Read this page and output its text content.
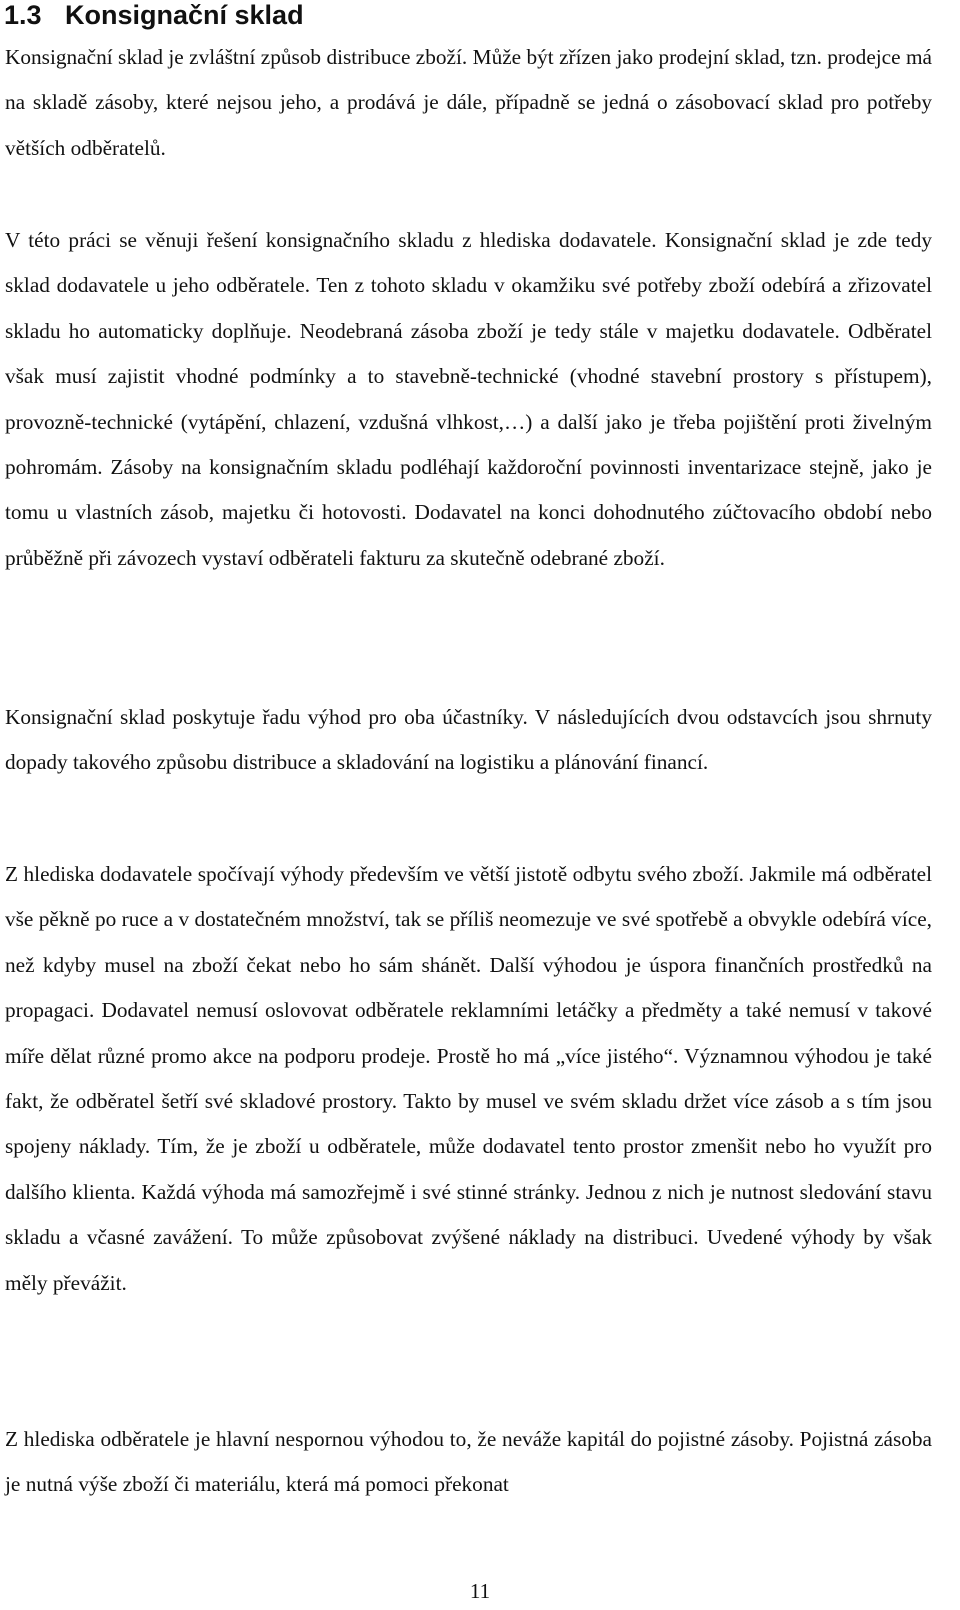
1.3 Konsignační sklad

Konsignační sklad je zvláštní způsob distribuce zboží. Může být zřízen jako prodejní sklad, tzn. prodejce má na skladě zásoby, které nejsou jeho, a prodává je dále, případně se jedná o zásobovací sklad pro potřeby větších odběratelů.

V této práci se věnuji řešení konsignačního skladu z hlediska dodavatele. Konsignační sklad je zde tedy sklad dodavatele u jeho odběratele. Ten z tohoto skladu v okamžiku své potřeby zboží odebírá a zřizovatel skladu ho automaticky doplňuje. Neodebraná zásoba zboží je tedy stále v majetku dodavatele. Odběratel však musí zajistit vhodné podmínky a to stavebně-technické (vhodné stavební prostory s přístupem), provozně-technické (vytápění, chlazení, vzdušná vlhkost,…) a další jako je třeba pojištění proti živelným pohromám. Zásoby na konsignačním skladu podléhají každoroční povinnosti inventarizace stejně, jako je tomu u vlastních zásob, majetku či hotovosti. Dodavatel na konci dohodnutého zúčtovacího období nebo průběžně při závozech vystaví odběrateli fakturu za skutečně odebrané zboží.

Konsignační sklad poskytuje řadu výhod pro oba účastníky. V následujících dvou odstavcích jsou shrnuty dopady takového způsobu distribuce a skladování na logistiku a plánování financí.

Z hlediska dodavatele spočívají výhody především ve větší jistotě odbytu svého zboží. Jakmile má odběratel vše pěkně po ruce a v dostatečném množství, tak se příliš neomezuje ve své spotřebě a obvykle odebírá více, než kdyby musel na zboží čekat nebo ho sám shánět. Další výhodou je úspora finančních prostředků na propagaci. Dodavatel nemusí oslovovat odběratele reklamními letáčky a předměty a také nemusí v takové míře dělat různé promo akce na podporu prodeje. Prostě ho má „více jistého“. Významnou výhodou je také fakt, že odběratel šetří své skladové prostory. Takto by musel ve svém skladu držet více zásob a s tím jsou spojeny náklady. Tím, že je zboží u odběratele, může dodavatel tento prostor zmenšit nebo ho využít pro dalšího klienta. Každá výhoda má samozřejmě i své stinné stránky. Jednou z nich je nutnost sledování stavu skladu a včasné zavážení. To může způsobovat zvýšené náklady na distribuci. Uvedené výhody by však měly převážit.

Z hlediska odběratele je hlavní nespornou výhodou to, že neváže kapitál do pojistné zásoby. Pojistná zásoba je nutná výše zboží či materiálu, která má pomoci překonat

11
